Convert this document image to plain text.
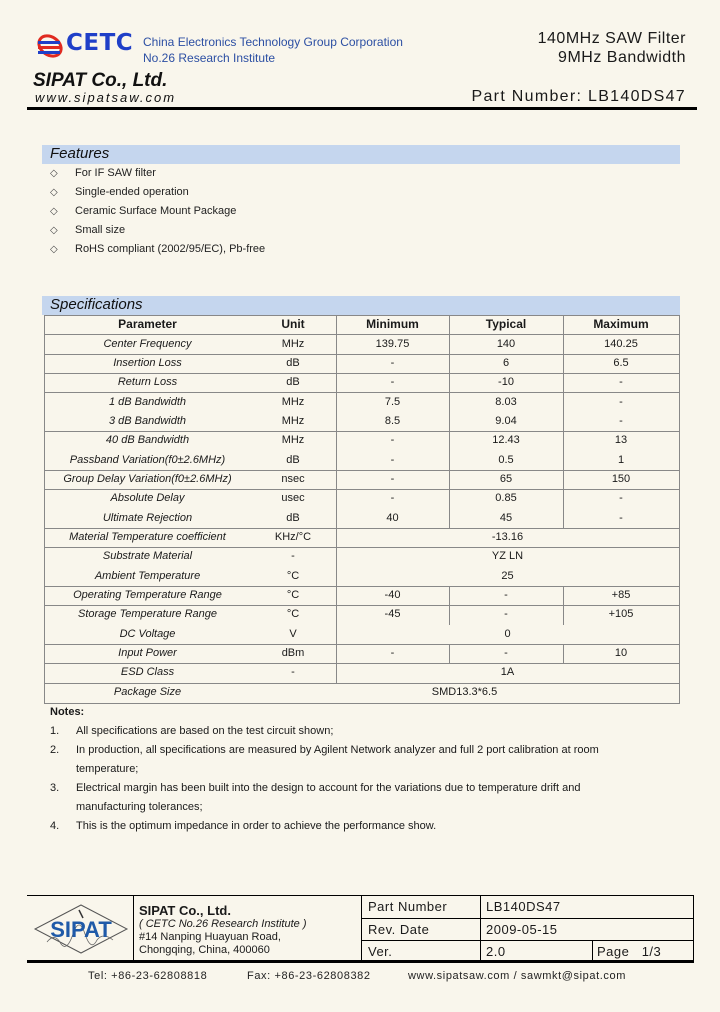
CETC China Electronics Technology Group Corporation
No.26 Research Institute
SIPAT Co., Ltd.
www.sipatsaw.com
140MHz SAW Filter
9MHz Bandwidth
Part Number: LB140DS47
Features
◇ For IF SAW filter
◇ Single-ended operation
◇ Ceramic Surface Mount Package
◇ Small size
◇ RoHS compliant (2002/95/EC), Pb-free
Specifications
Parameter	Unit	Minimum	Typical	Maximum
Center Frequency	MHz	139.75	140	140.25
Insertion Loss	dB	-	6	6.5
Return Loss	dB	-	-10	-
1 dB Bandwidth	MHz	7.5	8.03	-
3 dB Bandwidth	MHz	8.5	9.04	-
40 dB Bandwidth	MHz	-	12.43	13
Passband Variation(f0±2.6MHz)	dB	-	0.5	1
Group Delay Variation(f0±2.6MHz)	nsec	-	65	150
Absolute Delay	usec	-	0.85	-
Ultimate Rejection	dB	40	45	-
Material Temperature coefficient	KHz/°C	-13.16
Substrate Material	-	YZ LN
Ambient Temperature	°C	25
Operating Temperature Range	°C	-40	-	+85
Storage Temperature Range	°C	-45	-	+105
DC Voltage	V	0
Input Power	dBm	-	-	10
ESD Class	-	1A
Package Size	SMD13.3*6.5
Notes:
1. All specifications are based on the test circuit shown;
2. In production, all specifications are measured by Agilent Network analyzer and full 2 port calibration at room temperature;
3. Electrical margin has been built into the design to account for the variations due to temperature drift and manufacturing tolerances;
4. This is the optimum impedance in order to achieve the performance show.
SIPAT
SIPAT Co., Ltd.
( CETC No.26 Research Institute )
#14 Nanping Huayuan Road,
Chongqing, China, 400060
Part Number	LB140DS47
Rev. Date	2009-05-15
Ver.	2.0	Page   1/3
Tel: +86-23-62808818	Fax: +86-23-62808382	www.sipatsaw.com / sawmkt@sipat.com
